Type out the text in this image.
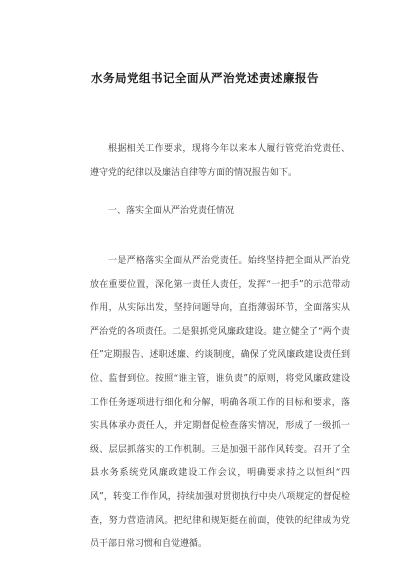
水务局党组书记全面从严治党述责述廉报告
根据相关工作要求，现将今年以来本人履行管党治党责任、遵守党的纪律以及廉洁自律等方面的情况报告如下。
一、落实全面从严治党责任情况
一是严格落实全面从严治党责任。始终坚持把全面从严治党放在重要位置，深化第一责任人责任，发挥“一把手”的示范带动作用，从实际出发，坚持问题导向，直指薄弱环节，全面落实从严治党的各项责任。二是狠抓党风廉政建设。建立健全了“两个责任”定期报告、述职述廉、约谈制度，确保了党风廉政建设责任到位、监督到位。按照“谁主管，谁负责”的原则，将党风廉政建设工作任务逐项进行细化和分解，明确各项工作的目标和要求，落实具体承办责任人，并定期督促检查落实情况，形成了一级抓一级、层层抓落实的工作机制。三是加强干部作风转变。召开了全县水务系统党风廉政建设工作会议，明确要求持之以恒纠“四风”，转变工作作风，持续加强对贯彻执行中央八项规定的督促检查，努力营造清风。把纪律和规矩挺在前面，使铁的纪律成为党员干部日常习惯和自觉遵循。
